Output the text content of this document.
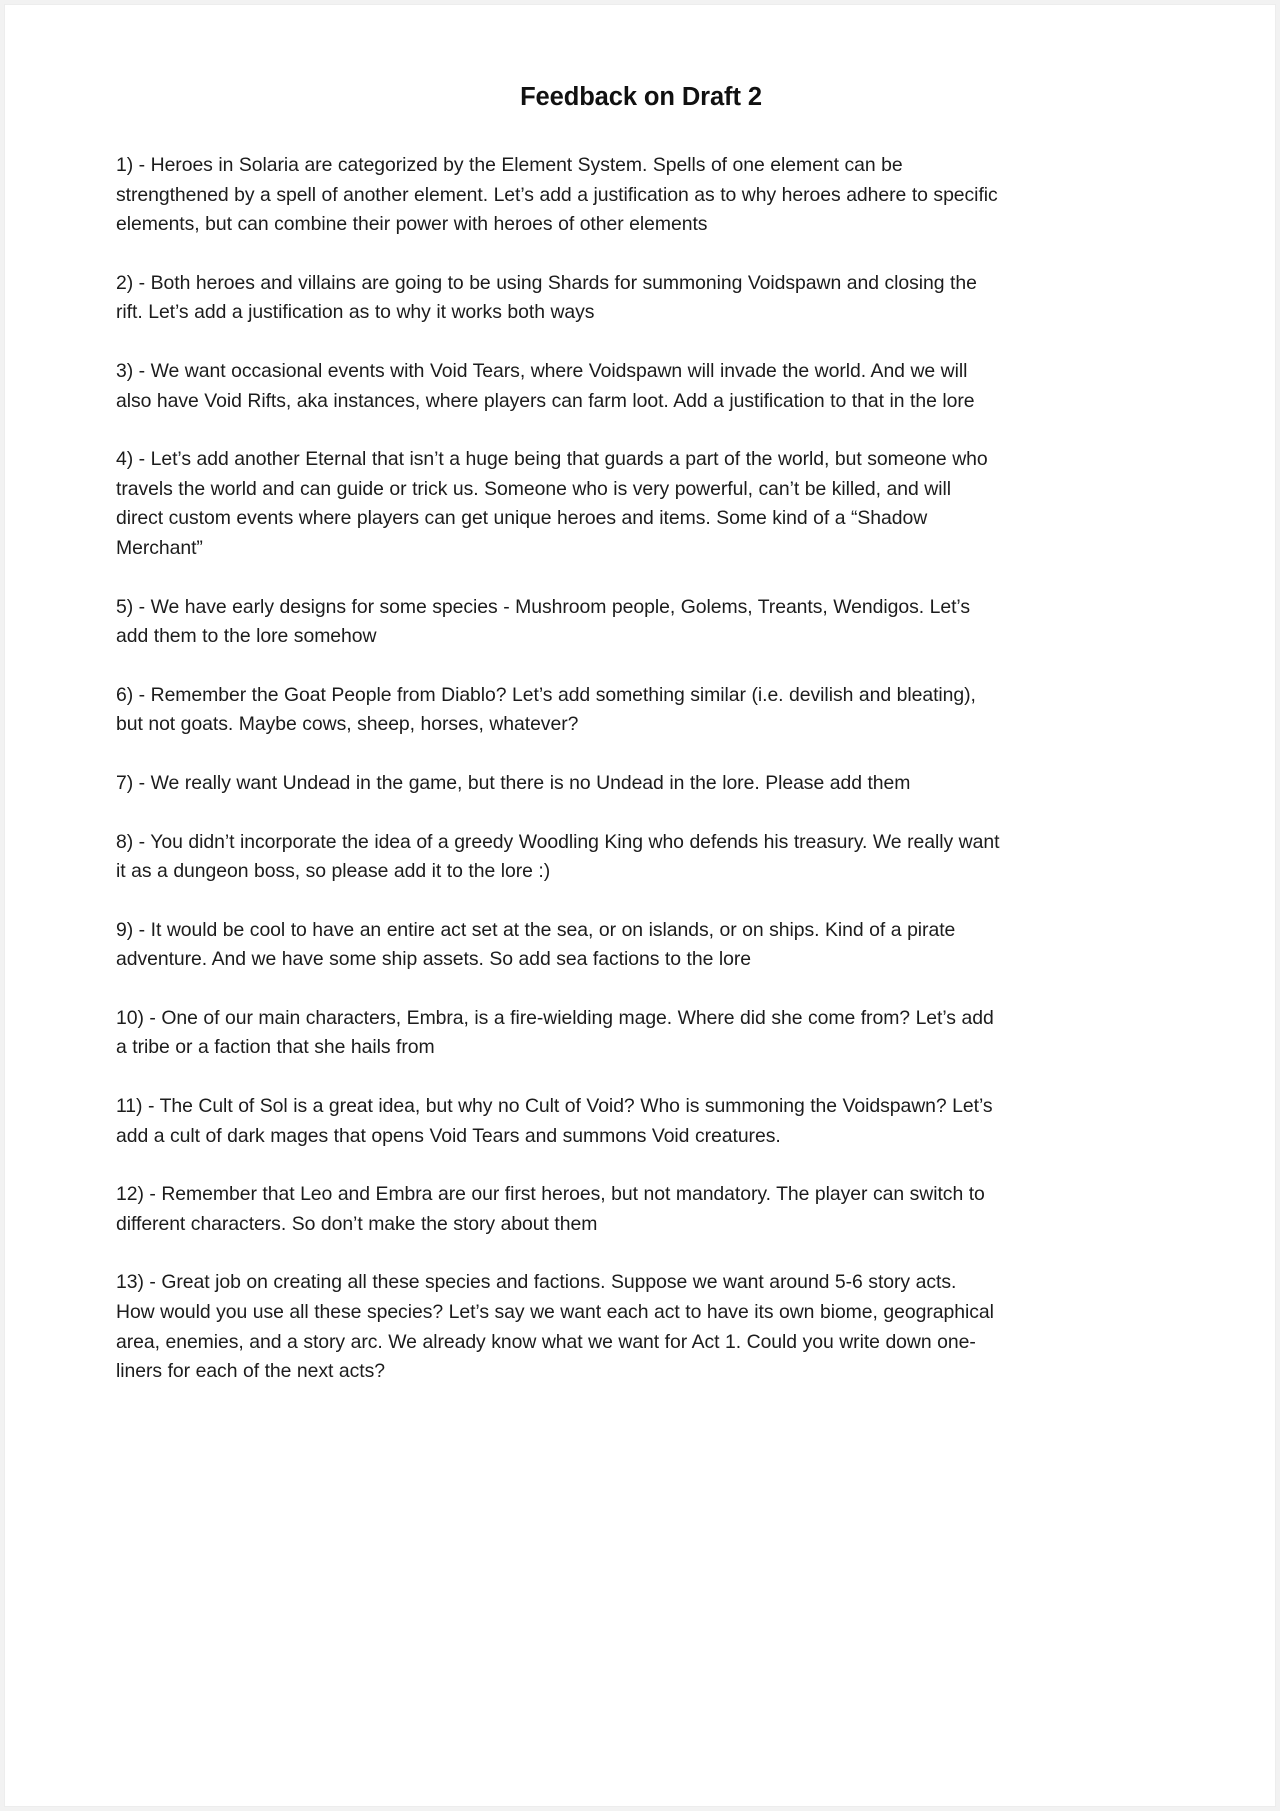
Feedback on Draft 2

1) - Heroes in Solaria are categorized by the Element System. Spells of one element can be strengthened by a spell of another element. Let’s add a justification as to why heroes adhere to specific elements, but can combine their power with heroes of other elements

2) - Both heroes and villains are going to be using Shards for summoning Voidspawn and closing the rift. Let’s add a justification as to why it works both ways

3) - We want occasional events with Void Tears, where Voidspawn will invade the world. And we will also have Void Rifts, aka instances, where players can farm loot. Add a justification to that in the lore

4) - Let’s add another Eternal that isn’t a huge being that guards a part of the world, but someone who travels the world and can guide or trick us. Someone who is very powerful, can’t be killed, and will direct custom events where players can get unique heroes and items. Some kind of a “Shadow Merchant”

5) - We have early designs for some species - Mushroom people, Golems, Treants, Wendigos. Let’s add them to the lore somehow

6) - Remember the Goat People from Diablo? Let’s add something similar (i.e. devilish and bleating), but not goats. Maybe cows, sheep, horses, whatever?

7) - We really want Undead in the game, but there is no Undead in the lore. Please add them

8) - You didn’t incorporate the idea of a greedy Woodling King who defends his treasury. We really want it as a dungeon boss, so please add it to the lore :)

9) - It would be cool to have an entire act set at the sea, or on islands, or on ships. Kind of a pirate adventure. And we have some ship assets. So add sea factions to the lore

10) - One of our main characters, Embra, is a fire-wielding mage. Where did she come from? Let’s add a tribe or a faction that she hails from

11) - The Cult of Sol is a great idea, but why no Cult of Void? Who is summoning the Voidspawn? Let’s add a cult of dark mages that opens Void Tears and summons Void creatures.

12) - Remember that Leo and Embra are our first heroes, but not mandatory. The player can switch to different characters. So don’t make the story about them

13) - Great job on creating all these species and factions. Suppose we want around 5-6 story acts. How would you use all these species? Let’s say we want each act to have its own biome, geographical area, enemies, and a story arc. We already know what we want for Act 1. Could you write down one-liners for each of the next acts?
